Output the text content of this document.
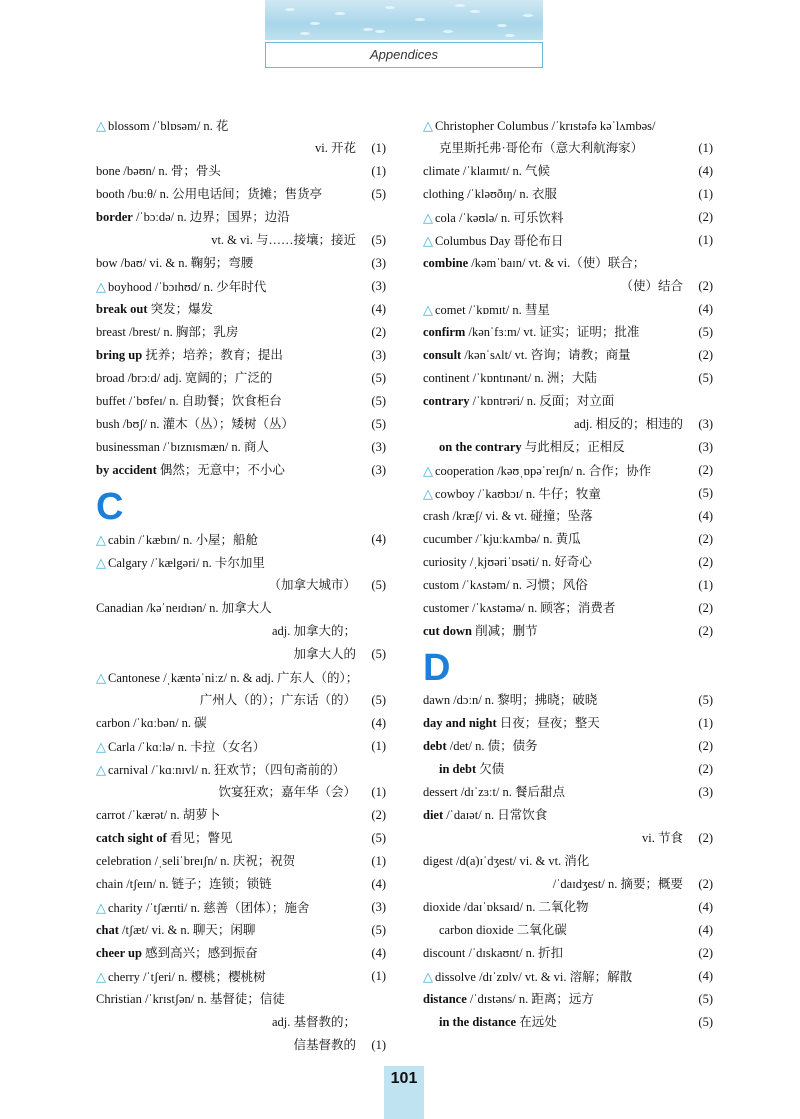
Appendices
△ blossom /ˈblɒsəm/ n. 花
vi. 开花	(1)
bone /bəʊn/ n. 骨；骨头	(1)
booth /buːθ/ n. 公用电话间；货摊；售货亭	(5)
border /ˈbɔːdə/ n. 边界；国界；边沿
vt. & vi. 与……接壤；接近	(5)
bow /baʊ/ vi. & n. 鞠躬；弯腰	(3)
△ boyhood /ˈbɔɪhʊd/ n. 少年时代	(3)
break out 突发；爆发	(4)
breast /brest/ n. 胸部；乳房	(2)
bring up 抚养；培养；教育；提出	(3)
broad /brɔːd/ adj. 宽阔的；广泛的	(5)
buffet /ˈbʊfeɪ/ n. 自助餐；饮食柜台	(5)
bush /bʊʃ/ n. 灌木（丛）；矮树（丛）	(5)
businessman /ˈbɪznɪsmæn/ n. 商人	(3)
by accident 偶然；无意中；不小心	(3)
C
△ cabin /ˈkæbɪn/ n. 小屋；船舱	(4)
△ Calgary /ˈkælgəri/ n. 卡尔加里
（加拿大城市）	(5)
Canadian /kəˈneɪdɪən/ n. 加拿大人
adj. 加拿大的；
加拿大人的	(5)
△ Cantonese /ˌkæntəˈniːz/ n. & adj. 广东人（的）；
广州人（的）；广东话（的）	(5)
carbon /ˈkɑːbən/ n. 碳	(4)
△ Carla /ˈkɑːlə/ n. 卡拉（女名）	(1)
△ carnival /ˈkɑːnɪvl/ n. 狂欢节；（四旬斋前的）
饮宴狂欢；嘉年华（会）	(1)
carrot /ˈkærət/ n. 胡萝卜	(2)
catch sight of 看见；瞥见	(5)
celebration /ˌseliˈbreɪʃn/ n. 庆祝；祝贺	(1)
chain /tʃeɪn/ n. 链子；连锁；锁链	(4)
△ charity /ˈtʃærɪti/ n. 慈善（团体）；施舍	(3)
chat /tʃæt/ vi. & n. 聊天；闲聊	(5)
cheer up 感到高兴；感到振奋	(4)
△ cherry /ˈtʃeri/ n. 樱桃；樱桃树	(1)
Christian /ˈkrɪstʃən/ n. 基督徒；信徒
adj. 基督教的；
信基督教的	(1)
△ Christopher Columbus /ˈkrɪstəfə kəˈlʌmbəs/
克里斯托弗·哥伦布（意大利航海家）	(1)
climate /ˈklaɪmɪt/ n. 气候	(4)
clothing /ˈkləʊðɪŋ/ n. 衣服	(1)
△ cola /ˈkəʊlə/ n. 可乐饮料	(2)
△ Columbus Day 哥伦布日	(1)
combine /kəmˈbaɪn/ vt. & vi.（使）联合；
（使）结合	(2)
△ comet /ˈkɒmɪt/ n. 彗星	(4)
confirm /kənˈfɜːm/ vt. 证实；证明；批准	(5)
consult /kənˈsʌlt/ vt. 咨询；请教；商量	(2)
continent /ˈkɒntɪnənt/ n. 洲；大陆	(5)
contrary /ˈkɒntrəri/ n. 反面；对立面
adj. 相反的；相违的	(3)
on the contrary 与此相反；正相反	(3)
△ cooperation /kəʊˌɒpəˈreɪʃn/ n. 合作；协作	(2)
△ cowboy /ˈkaʊbɔɪ/ n. 牛仔；牧童	(5)
crash /kræʃ/ vi. & vt. 碰撞；坠落	(4)
cucumber /ˈkjuːkʌmbə/ n. 黄瓜	(2)
curiosity /ˌkjʊəriˈɒsəti/ n. 好奇心	(2)
custom /ˈkʌstəm/ n. 习惯；风俗	(1)
customer /ˈkʌstəmə/ n. 顾客；消费者	(2)
cut down 削减；删节	(2)
D
dawn /dɔːn/ n. 黎明；拂晓；破晓	(5)
day and night 日夜；昼夜；整天	(1)
debt /det/ n. 债；债务	(2)
in debt 欠债	(2)
dessert /dɪˈzɜːt/ n. 餐后甜点	(3)
diet /ˈdaɪət/ n. 日常饮食
vi. 节食	(2)
digest /d(a)ɪˈdʒest/ vi. & vt. 消化
/ˈdaɪdʒest/ n. 摘要；概要	(2)
dioxide /daɪˈɒksaɪd/ n. 二氧化物	(4)
carbon dioxide 二氧化碳	(4)
discount /ˈdɪskaʊnt/ n. 折扣	(2)
△ dissolve /dɪˈzɒlv/ vt. & vi. 溶解；解散	(4)
distance /ˈdɪstəns/ n. 距离；远方	(5)
in the distance 在远处	(5)
101
